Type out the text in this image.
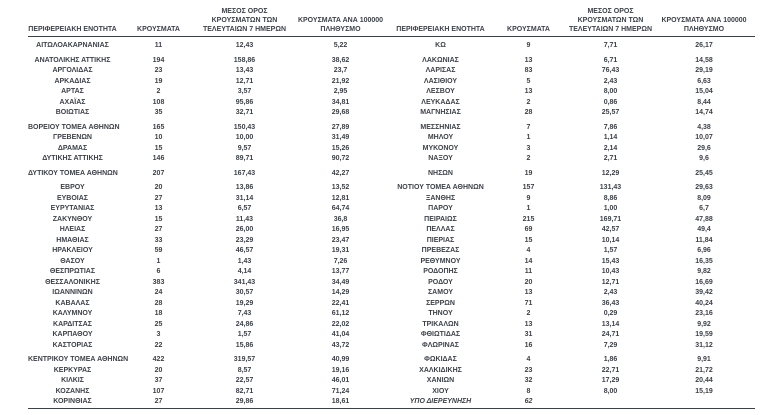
ΠΕΡΙΦΕΡΕΙΑΚΗ ΕΝΟΤΗΤΑ	ΚΡΟΥΣΜΑΤΑ	ΜΕΣΟΣ ΟΡΟΣ
ΚΡΟΥΣΜΑΤΩΝ ΤΩΝ
ΤΕΛΕΥΤΑΙΩΝ 7 ΗΜΕΡΩΝ	ΚΡΟΥΣΜΑΤΑ ΑΝΑ 100000
ΠΛΗΘΥΣΜΟ	ΠΕΡΙΦΕΡΕΙΑΚΗ ΕΝΟΤΗΤΑ	ΚΡΟΥΣΜΑΤΑ	ΜΕΣΟΣ ΟΡΟΣ
ΚΡΟΥΣΜΑΤΩΝ ΤΩΝ
ΤΕΛΕΥΤΑΙΩΝ 7 ΗΜΕΡΩΝ	ΚΡΟΥΣΜΑΤΑ ΑΝΑ 100000
ΠΛΗΘΥΣΜΟ

ΑΙΤΩΛΟΑΚΑΡΝΑΝΙΑΣ	11	12,43	5,22	ΚΩ	9	7,71	26,17

ΑΝΑΤΟΛΙΚΗΣ ΑΤΤΙΚΗΣ	194	158,86	38,62	ΛΑΚΩΝΙΑΣ	13	6,71	14,58
ΑΡΓΟΛΙΔΑΣ	23	13,43	23,7	ΛΑΡΙΣΑΣ	83	76,43	29,19
ΑΡΚΑΔΙΑΣ	19	12,71	21,92	ΛΑΣΙΘΙΟΥ	5	2,43	6,63
ΑΡΤΑΣ	2	3,57	2,95	ΛΕΣΒΟΥ	13	8,00	15,04
ΑΧΑΪΑΣ	108	95,86	34,81	ΛΕΥΚΑΔΑΣ	2	0,86	8,44
ΒΟΙΩΤΙΑΣ	35	32,71	29,68	ΜΑΓΝΗΣΙΑΣ	28	25,57	14,74

ΒΟΡΕΙΟΥ ΤΟΜΕΑ ΑΘΗΝΩΝ	165	150,43	27,89	ΜΕΣΣΗΝΙΑΣ	7	7,86	4,38
ΓΡΕΒΕΝΩΝ	10	10,00	31,49	ΜΗΛΟΥ	1	1,14	10,07
ΔΡΑΜΑΣ	15	9,57	15,26	ΜΥΚΟΝΟΥ	3	2,14	29,6
ΔΥΤΙΚΗΣ ΑΤΤΙΚΗΣ	146	89,71	90,72	ΝΑΞΟΥ	2	2,71	9,6

ΔΥΤΙΚΟΥ ΤΟΜΕΑ ΑΘΗΝΩΝ	207	167,43	42,27	ΝΗΣΩΝ	19	12,29	25,45

ΕΒΡΟΥ	20	13,86	13,52	ΝΟΤΙΟΥ ΤΟΜΕΑ ΑΘΗΝΩΝ	157	131,43	29,63
ΕΥΒΟΙΑΣ	27	31,14	12,81	ΞΑΝΘΗΣ	9	8,86	8,09
ΕΥΡΥΤΑΝΙΑΣ	13	6,57	64,74	ΠΑΡΟΥ	1	1,00	6,7
ΖΑΚΥΝΘΟΥ	15	11,43	36,8	ΠΕΙΡΑΙΩΣ	215	169,71	47,88
ΗΛΕΙΑΣ	27	26,00	16,95	ΠΕΛΛΑΣ	69	42,57	49,4
ΗΜΑΘΙΑΣ	33	23,29	23,47	ΠΙΕΡΙΑΣ	15	10,14	11,84
ΗΡΑΚΛΕΙΟΥ	59	46,57	19,31	ΠΡΕΒΕΖΑΣ	4	1,57	6,96
ΘΑΣΟΥ	1	1,43	7,26	ΡΕΘΥΜΝΟΥ	14	15,43	16,35
ΘΕΣΠΡΩΤΙΑΣ	6	4,14	13,77	ΡΟΔΟΠΗΣ	11	10,43	9,82
ΘΕΣΣΑΛΟΝΙΚΗΣ	383	341,43	34,49	ΡΟΔΟΥ	20	12,71	16,69
ΙΩΑΝΝΙΝΩΝ	24	30,57	14,29	ΣΑΜΟΥ	13	2,43	39,42
ΚΑΒΑΛΑΣ	28	19,29	22,41	ΣΕΡΡΩΝ	71	36,43	40,24
ΚΑΛΥΜΝΟΥ	18	7,43	61,12	ΤΗΝΟΥ	2	0,29	23,16
ΚΑΡΔΙΤΣΑΣ	25	24,86	22,02	ΤΡΙΚΑΛΩΝ	13	13,14	9,92
ΚΑΡΠΑΘΟΥ	3	1,57	41,04	ΦΘΙΩΤΙΔΑΣ	31	24,71	19,59
ΚΑΣΤΟΡΙΑΣ	22	15,86	43,72	ΦΛΩΡΙΝΑΣ	16	7,29	31,12

ΚΕΝΤΡΙΚΟΥ ΤΟΜΕΑ ΑΘΗΝΩΝ	422	319,57	40,99	ΦΩΚΙΔΑΣ	4	1,86	9,91
ΚΕΡΚΥΡΑΣ	20	8,57	19,16	ΧΑΛΚΙΔΙΚΗΣ	23	22,71	21,72
ΚΙΛΚΙΣ	37	22,57	46,01	ΧΑΝΙΩΝ	32	17,29	20,44
ΚΟΖΑΝΗΣ	107	82,71	71,24	ΧΙΟΥ	8	8,00	15,19
ΚΟΡΙΝΘΙΑΣ	27	29,86	18,61	ΥΠΟ ΔΙΕΡΕΥΝΗΣΗ	62		
